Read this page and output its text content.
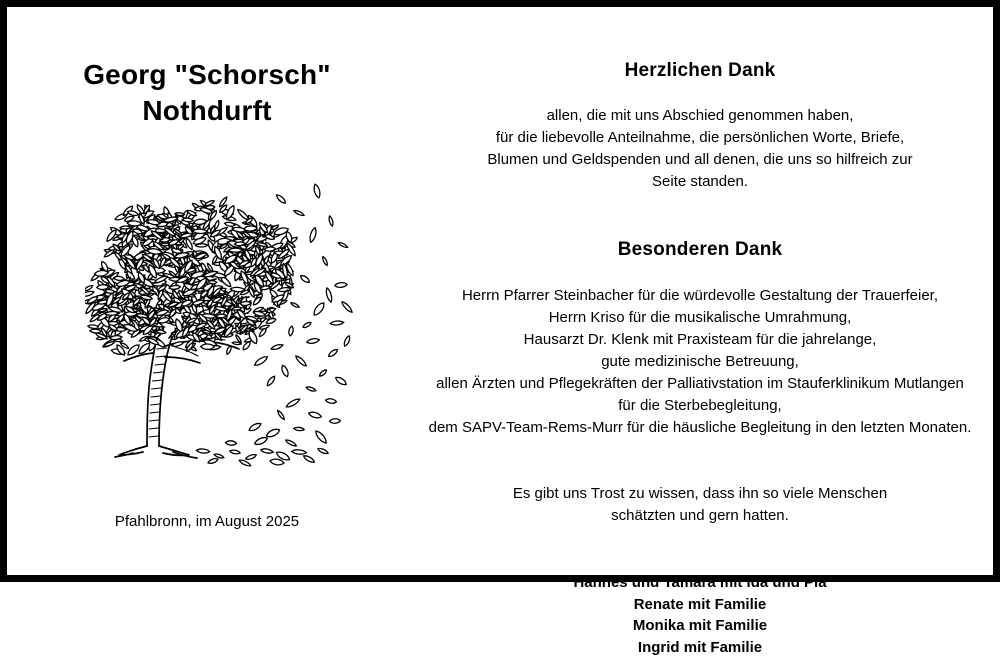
Georg "Schorsch"
Nothdurft
Pfahlbronn, im August 2025
Herzlichen Dank
allen, die mit uns Abschied genommen haben,
für die liebevolle Anteilnahme, die persönlichen Worte, Briefe,
Blumen und Geldspenden und all denen, die uns so hilfreich zur
Seite standen.
Besonderen Dank
Herrn Pfarrer Steinbacher für die würdevolle Gestaltung der Trauerfeier,
Herrn Kriso für die musikalische Umrahmung,
Hausarzt Dr. Klenk mit Praxisteam für die jahrelange,
gute medizinische Betreuung,
allen Ärzten und Pflegekräften der Palliativstation im Stauferklinikum Mutlangen
für die Sterbebegleitung,
dem SAPV-Team-Rems-Murr für die häusliche Begleitung in den letzten Monaten.
Es gibt uns Trost zu wissen, dass ihn so viele Menschen
schätzten und gern hatten.
Hannes und Tamara mit Ida und Pia
Renate mit Familie
Monika mit Familie
Ingrid mit Familie
